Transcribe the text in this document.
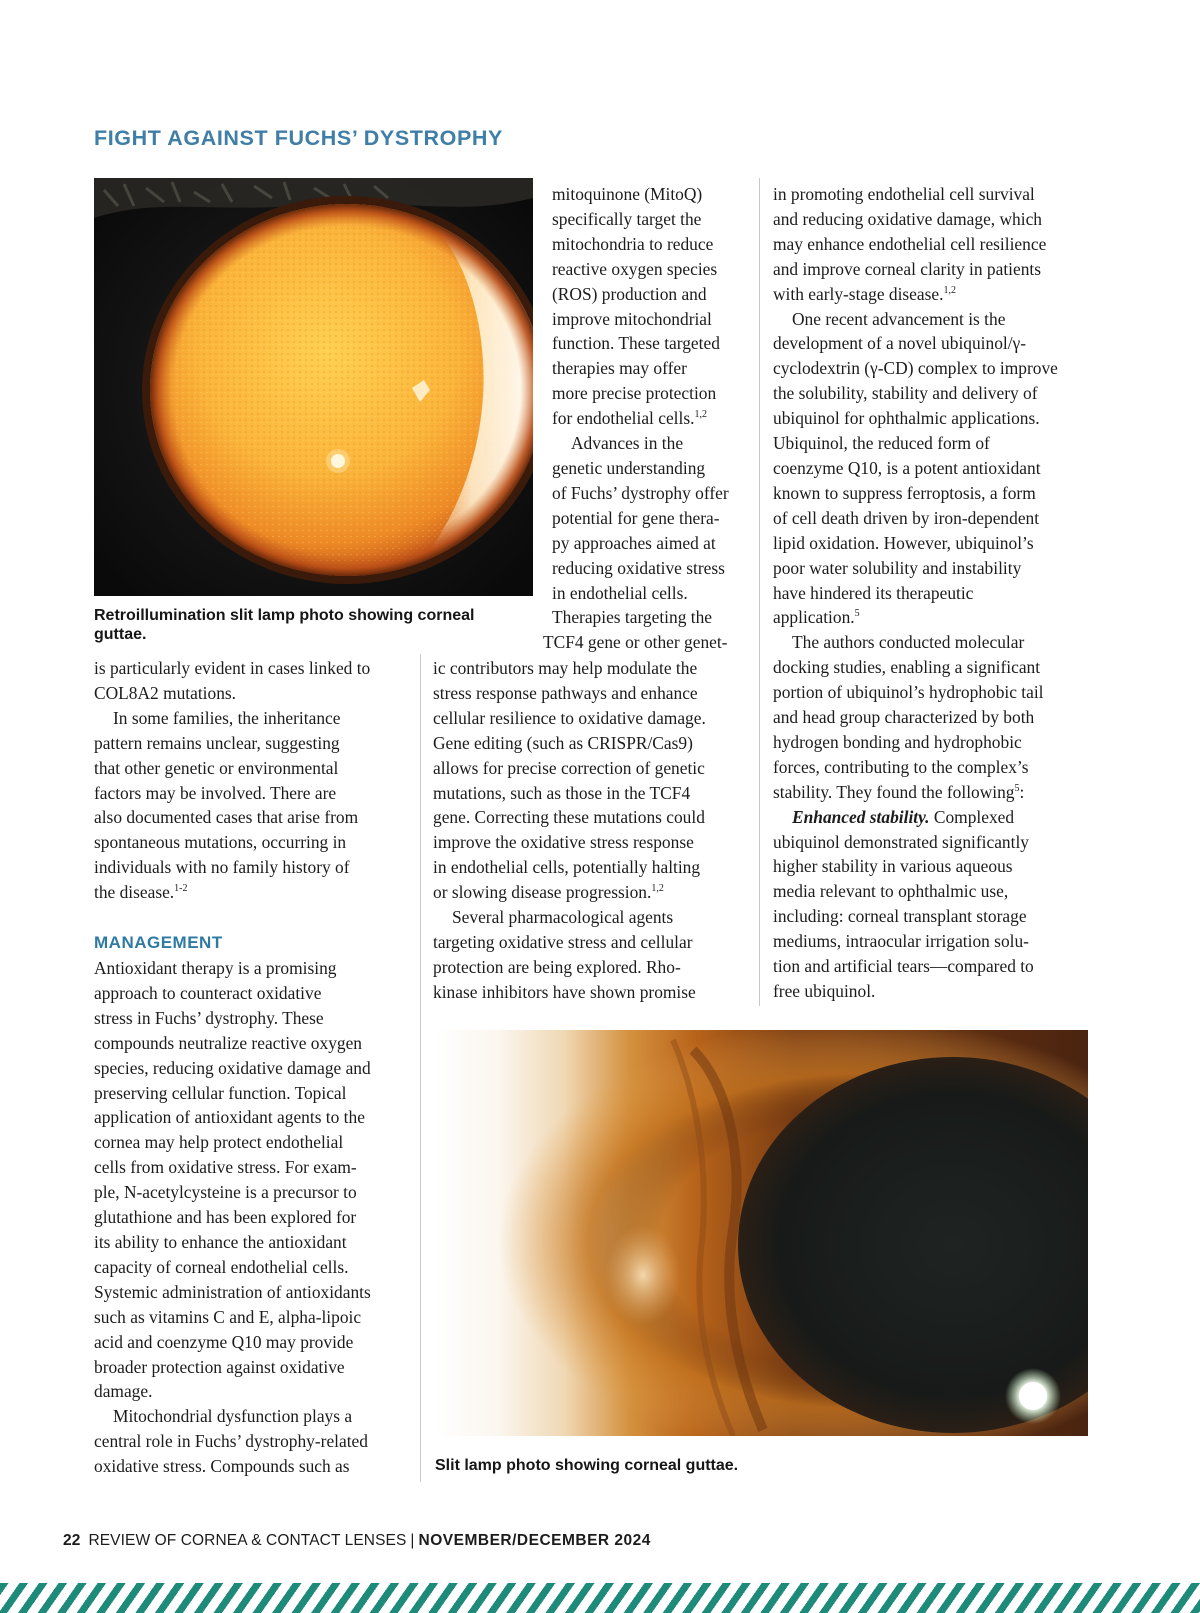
FIGHT AGAINST FUCHS’ DYSTROPHY
Retroillumination slit lamp photo showing corneal guttae.
is particularly evident in cases linked to
COL8A2 mutations.
In some families, the inheritance
pattern remains unclear, suggesting
that other genetic or environmental
factors may be involved. There are
also documented cases that arise from
spontaneous mutations, occurring in
individuals with no family history of
the disease.$^{1-2}$
MANAGEMENT
Antioxidant therapy is a promising
approach to counteract oxidative
stress in Fuchs’ dystrophy. These
compounds neutralize reactive oxygen
species, reducing oxidative damage and
preserving cellular function. Topical
application of antioxidant agents to the
cornea may help protect endothelial
cells from oxidative stress. For exam-
ple, N-acetylcysteine is a precursor to
glutathione and has been explored for
its ability to enhance the antioxidant
capacity of corneal endothelial cells.
Systemic administration of antioxidants
such as vitamins C and E, alpha-lipoic
acid and coenzyme Q10 may provide
broader protection against oxidative
damage.
Mitochondrial dysfunction plays a
central role in Fuchs’ dystrophy-related
oxidative stress. Compounds such as
mitoquinone (MitoQ)
specifically target the
mitochondria to reduce
reactive oxygen species
(ROS) production and
improve mitochondrial
function. These targeted
therapies may offer
more precise protection
for endothelial cells.$^{1,2}$
Advances in the
genetic understanding
of Fuchs’ dystrophy offer
potential for gene thera-
py approaches aimed at
reducing oxidative stress
in endothelial cells.
Therapies targeting the
TCF4 gene or other genet-
ic contributors may help modulate the
stress response pathways and enhance
cellular resilience to oxidative damage.
Gene editing (such as CRISPR/Cas9)
allows for precise correction of genetic
mutations, such as those in the TCF4
gene. Correcting these mutations could
improve the oxidative stress response
in endothelial cells, potentially halting
or slowing disease progression.$^{1,2}$
Several pharmacological agents
targeting oxidative stress and cellular
protection are being explored. Rho-
kinase inhibitors have shown promise
in promoting endothelial cell survival
and reducing oxidative damage, which
may enhance endothelial cell resilience
and improve corneal clarity in patients
with early-stage disease.$^{1,2}$
One recent advancement is the
development of a novel ubiquinol/γ-
cyclodextrin (γ-CD) complex to improve
the solubility, stability and delivery of
ubiquinol for ophthalmic applications.
Ubiquinol, the reduced form of
coenzyme Q10, is a potent antioxidant
known to suppress ferroptosis, a form
of cell death driven by iron-dependent
lipid oxidation. However, ubiquinol’s
poor water solubility and instability
have hindered its therapeutic
application.$^5$
The authors conducted molecular
docking studies, enabling a significant
portion of ubiquinol’s hydrophobic tail
and head group characterized by both
hydrogen bonding and hydrophobic
forces, contributing to the complex’s
stability. They found the following$^5$:
Enhanced stability. Complexed
ubiquinol demonstrated significantly
higher stability in various aqueous
media relevant to ophthalmic use,
including: corneal transplant storage
mediums, intraocular irrigation solu-
tion and artificial tears—compared to
free ubiquinol.
Slit lamp photo showing corneal guttae.
22 REVIEW OF CORNEA & CONTACT LENSES | NOVEMBER/DECEMBER 2024
